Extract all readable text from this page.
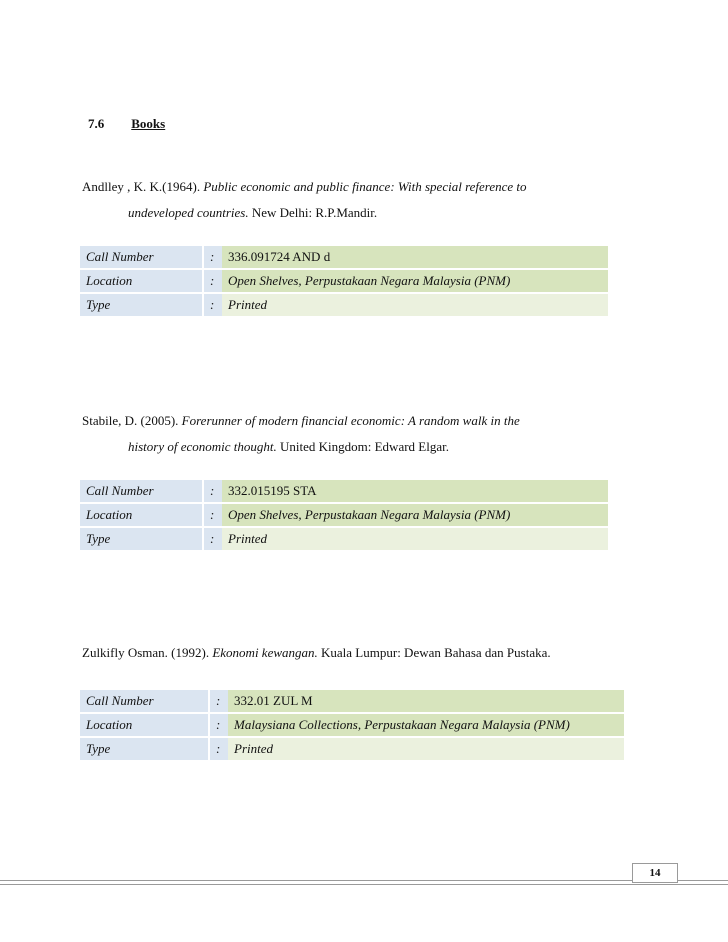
7.6 Books
Andlley , K. K.(1964). Public economic and public finance: With special reference to
undeveloped countries. New Delhi: R.P.Mandir.
Call Number	:	336.091724 AND d	
Location	:	Open Shelves, Perpustakaan Negara Malaysia (PNM)	
Type	:	Printed	
Stabile, D. (2005). Forerunner of modern financial economic: A random walk in the
history of economic thought. United Kingdom: Edward Elgar.
Call Number	:	332.015195 STA	
Location	:	Open Shelves, Perpustakaan Negara Malaysia (PNM)	
Type	:	Printed	
Zulkifly Osman. (1992). Ekonomi kewangan. Kuala Lumpur: Dewan Bahasa dan Pustaka.
Call Number	:	332.01 ZUL M	
Location	:	Malaysiana Collections, Perpustakaan Negara Malaysia (PNM)	
Type	:	Printed	
14
